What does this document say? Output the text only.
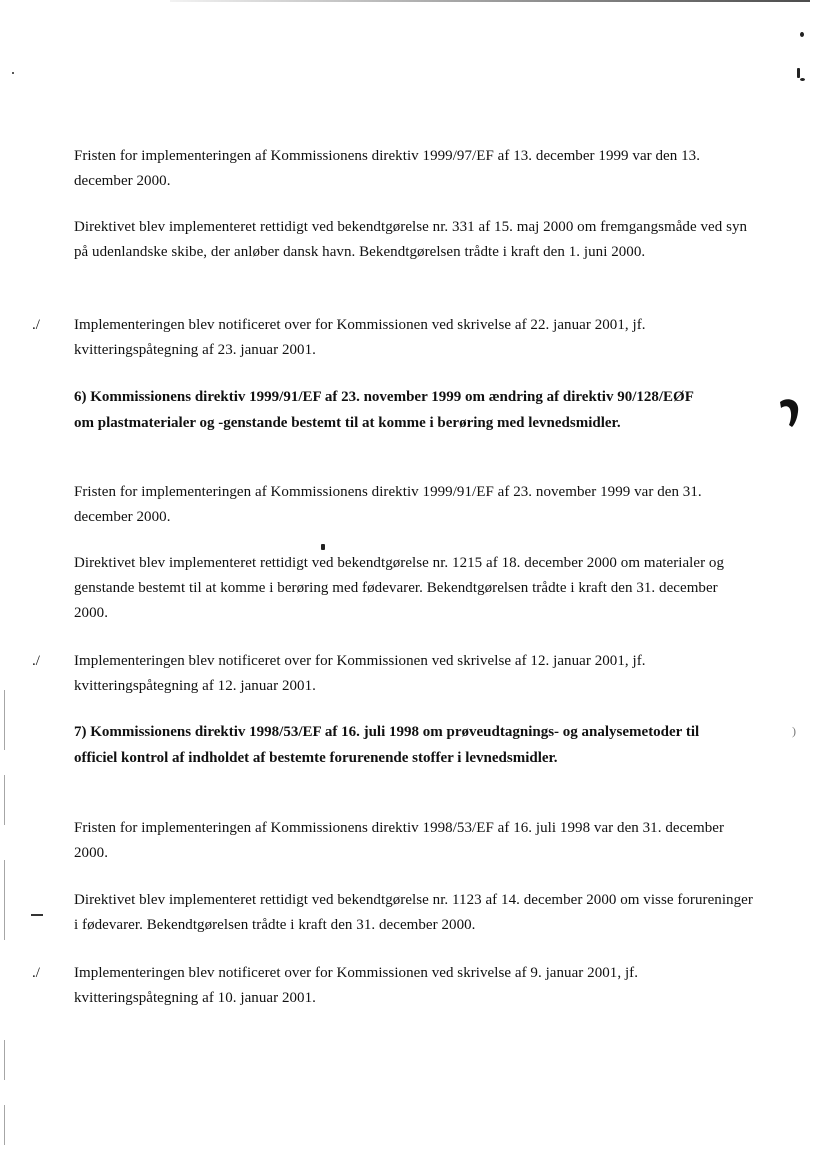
)

Fristen for implementeringen af Kommissionens direktiv 1999/97/EF af 13. december 1999 var den 13. december 2000.

Direktivet blev implementeret rettidigt ved bekendtgørelse nr. 331 af 15. maj 2000 om fremgangsmåde ved syn på udenlandske skibe, der anløber dansk havn. Bekendtgørelsen trådte i kraft den 1. juni 2000.

./ Implementeringen blev notificeret over for Kommissionen ved skrivelse af 22. januar 2001, jf. kvitteringspåtegning af 23. januar 2001.

6) Kommissionens direktiv 1999/91/EF af 23. november 1999 om ændring af direktiv 90/128/EØF om plastmaterialer og -genstande bestemt til at komme i berøring med levnedsmidler.

Fristen for implementeringen af Kommissionens direktiv 1999/91/EF af 23. november 1999 var den 31. december 2000.

Direktivet blev implementeret rettidigt ved bekendtgørelse nr. 1215 af 18. december 2000 om materialer og genstande bestemt til at komme i berøring med fødevarer. Bekendtgørelsen trådte i kraft den 31. december 2000.

./ Implementeringen blev notificeret over for Kommissionen ved skrivelse af 12. januar 2001, jf. kvitteringspåtegning af 12. januar 2001.

7) Kommissionens direktiv 1998/53/EF af 16. juli 1998 om prøveudtagnings- og analysemetoder til officiel kontrol af indholdet af bestemte forurenende stoffer i levnedsmidler.

Fristen for implementeringen af Kommissionens direktiv 1998/53/EF af 16. juli 1998 var den 31. december 2000.

Direktivet blev implementeret rettidigt ved bekendtgørelse nr. 1123 af 14. december 2000 om visse forureninger i fødevarer. Bekendtgørelsen trådte i kraft den 31. december 2000.

./ Implementeringen blev notificeret over for Kommissionen ved skrivelse af 9. januar 2001, jf. kvitteringspåtegning af 10. januar 2001.
